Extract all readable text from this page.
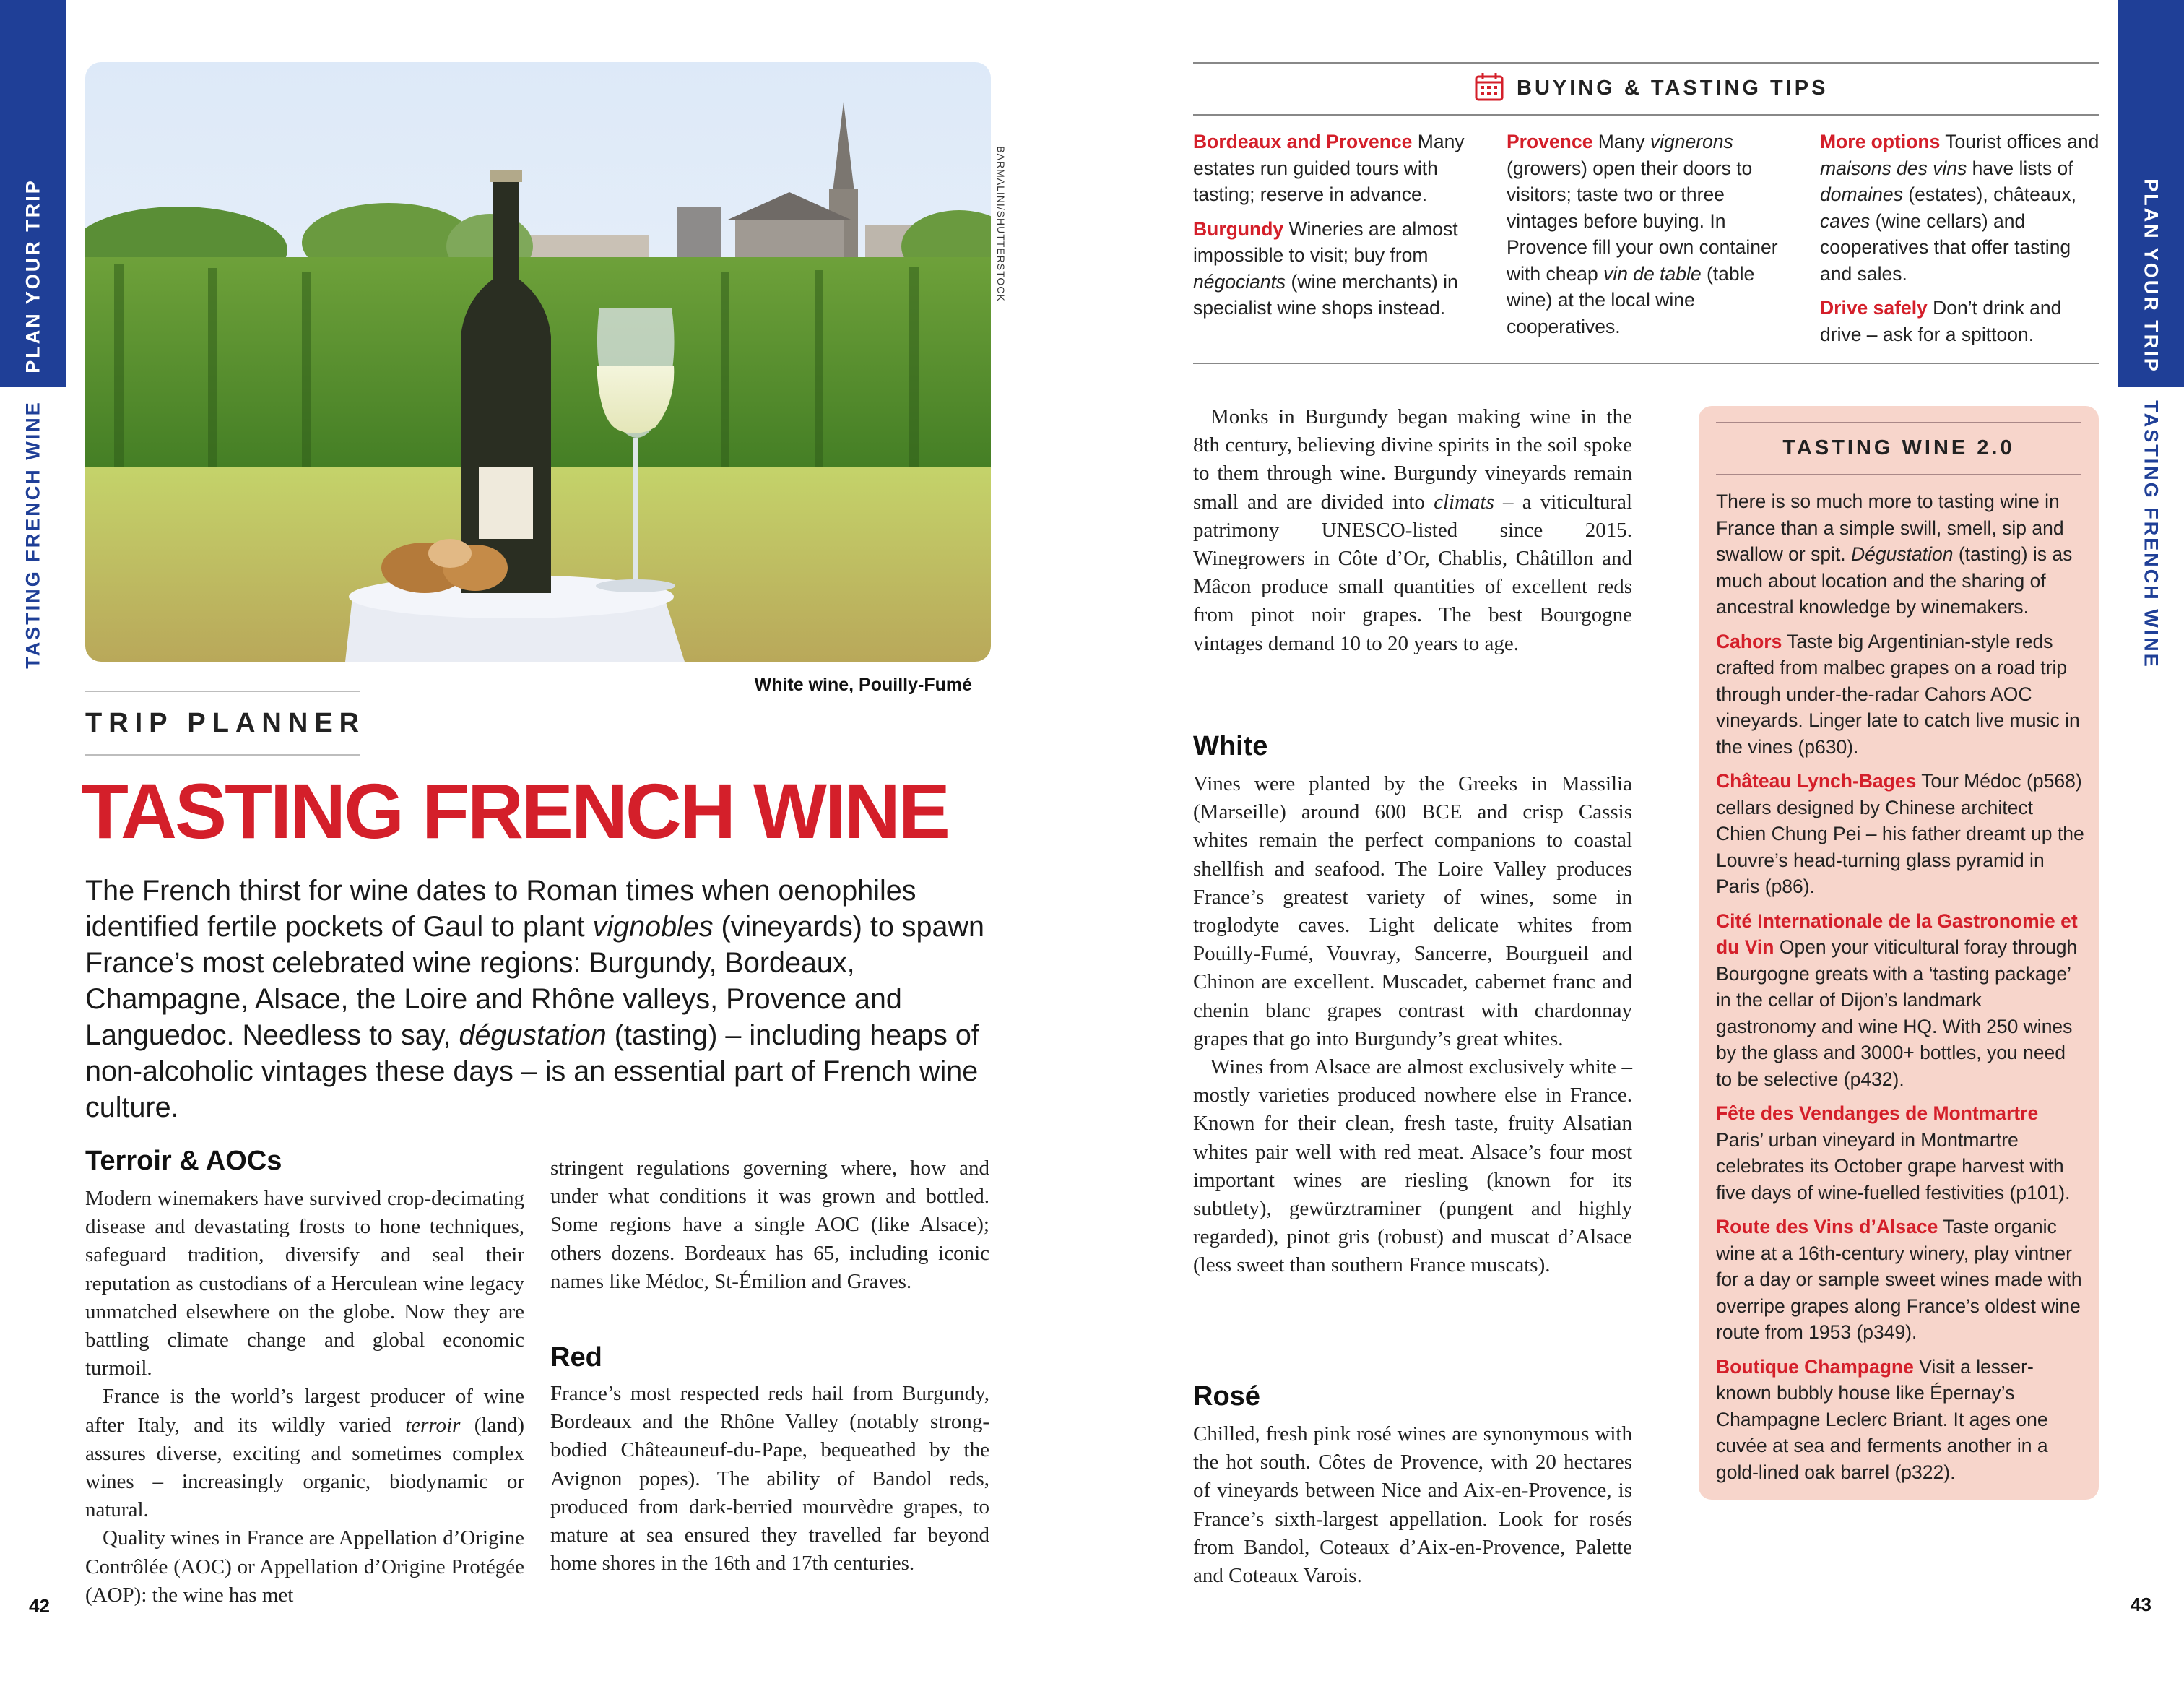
PLAN YOUR TRIP
TASTING FRENCH WINE
PLAN YOUR TRIP
TASTING FRENCH WINE
BARMALINI/SHUTTERSTOCK
White wine, Pouilly-Fumé
TRIP PLANNER
TASTING FRENCH WINE
The French thirst for wine dates to Roman times when oenophiles identified fertile pockets of Gaul to plant vignobles (vineyards) to spawn France’s most celebrated wine regions: Burgundy, Bordeaux, Champagne, Alsace, the Loire and Rhône valleys, Provence and Languedoc. Needless to say, dégustation (tasting) – including heaps of non-alcoholic vintages these days – is an essential part of French wine culture.
Terroir & AOCs

Modern winemakers have survived crop-decimating disease and devastating frosts to hone techniques, safeguard tradition, diversify and seal their reputation as custodians of a Herculean wine legacy unmatched elsewhere on the globe. Now they are battling climate change and global economic turmoil.

France is the world’s largest producer of wine after Italy, and its wildly varied terroir (land) assures diverse, exciting and sometimes complex wines – increasingly organic, biodynamic or natural.

Quality wines in France are Appellation d’Origine Contrôlée (AOC) or Appellation d’Origine Protégée (AOP): the wine has met

stringent regulations governing where, how and under what conditions it was grown and bottled. Some regions have a single AOC (like Alsace); others dozens. Bordeaux has 65, including iconic names like Médoc, St-Émilion and Graves.

Red

France’s most respected reds hail from Burgundy, Bordeaux and the Rhône Valley (notably strong-bodied Châteauneuf-du-Pape, bequeathed by the Avignon popes). The ability of Bandol reds, produced from dark-berried mourvèdre grapes, to mature at sea ensured they travelled far beyond home shores in the 16th and 17th centuries.

Monks in Burgundy began making wine in the 8th century, believing divine spirits in the soil spoke to them through wine. Burgundy vineyards remain small and are divided into climats – a viticultural patrimony UNESCO-listed since 2015. Winegrowers in Côte d’Or, Chablis, Châtillon and Mâcon produce small quantities of excellent reds from pinot noir grapes. The best Bourgogne vintages demand 10 to 20 years to age.

White

Vines were planted by the Greeks in Massilia (Marseille) around 600 BCE and crisp Cassis whites remain the perfect companions to coastal shellfish and seafood. The Loire Valley produces France’s greatest variety of wines, some in troglodyte caves. Light delicate whites from Pouilly-Fumé, Vouvray, Sancerre, Bourgueil and Chinon are excellent. Muscadet, cabernet franc and chenin blanc grapes contrast with chardonnay grapes that go into Burgundy’s great whites.

Wines from Alsace are almost exclusively white – mostly varieties produced nowhere else in France. Known for their clean, fresh taste, fruity Alsatian whites pair well with red meat. Alsace’s four most important wines are riesling (known for its subtlety), gewürztraminer (pungent and highly regarded), pinot gris (robust) and muscat d’Alsace (less sweet than southern France muscats).

Rosé

Chilled, fresh pink rosé wines are synonymous with the hot south. Côtes de Provence, with 20 hectares of vineyards between Nice and Aix-en-Provence, is France’s sixth-largest appellation. Look for rosés from Bandol, Coteaux d’Aix-en-Provence, Palette and Coteaux Varois.

BUYING & TASTING TIPS

Bordeaux and Provence Many estates run guided tours with tasting; reserve in advance.

Burgundy Wineries are almost impossible to visit; buy from négociants (wine merchants) in specialist wine shops instead.

Provence Many vignerons (growers) open their doors to visitors; taste two or three vintages before buying. In Provence fill your own container with cheap vin de table (table wine) at the local wine cooperatives.

More options Tourist offices and maisons des vins have lists of domaines (estates), châteaux, caves (wine cellars) and cooperatives that offer tasting and sales.

Drive safely Don’t drink and drive – ask for a spittoon.

TASTING WINE 2.0

There is so much more to tasting wine in France than a simple swill, smell, sip and swallow or spit. Dégustation (tasting) is as much about location and the sharing of ancestral knowledge by winemakers.

Cahors Taste big Argentinian-style reds crafted from malbec grapes on a road trip through under-the-radar Cahors AOC vineyards. Linger late to catch live music in the vines (p630).

Château Lynch-Bages Tour Médoc (p568) cellars designed by Chinese architect Chien Chung Pei – his father dreamt up the Louvre’s head-turning glass pyramid in Paris (p86).

Cité Internationale de la Gastronomie et du Vin Open your viticultural foray through Bourgogne greats with a ‘tasting package’ in the cellar of Dijon’s landmark gastronomy and wine HQ. With 250 wines by the glass and 3000+ bottles, you need to be selective (p432).

Fête des Vendanges de Montmartre Paris’ urban vineyard in Montmartre celebrates its October grape harvest with five days of wine-fuelled festivities (p101).

Route des Vins d’Alsace Taste organic wine at a 16th-century winery, play vintner for a day or sample sweet wines made with overripe grapes along France’s oldest wine route from 1953 (p349).

Boutique Champagne Visit a lesser-known bubbly house like Épernay’s Champagne Leclerc Briant. It ages one cuvée at sea and ferments another in a gold-lined oak barrel (p322).

42	43
